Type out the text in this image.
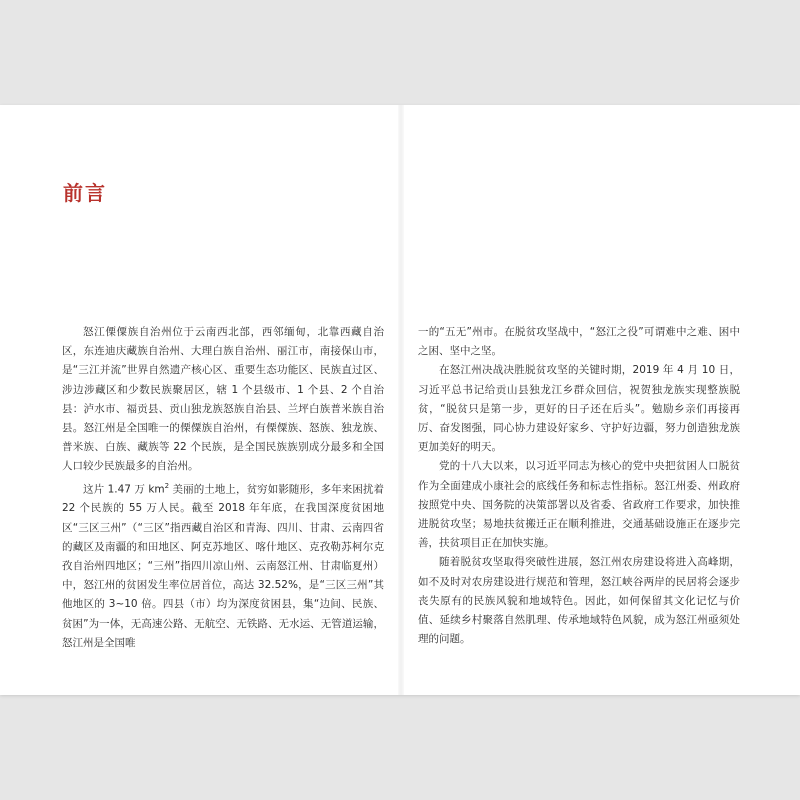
前言

怒江傈僳族自治州位于云南西北部，西邻缅甸，北靠西藏自治区，东连迪庆藏族自治州、大理白族自治州、丽江市，南接保山市，是“三江并流”世界自然遗产核心区、重要生态功能区、民族直过区、涉边涉藏区和少数民族聚居区，辖 1 个县级市、1 个县、2 个自治县：泸水市、福贡县、贡山独龙族怒族自治县、兰坪白族普米族自治县。怒江州是全国唯一的傈僳族自治州，有傈僳族、怒族、独龙族、普米族、白族、藏族等 22 个民族，是全国民族族别成分最多和全国人口较少民族最多的自治州。

这片 1.47 万 $km^2$ 美丽的土地上，贫穷如影随形，多年来困扰着 22 个民族的 55 万人民。截至 2018 年年底，在我国深度贫困地区“三区三州”（“三区”指西藏自治区和青海、四川、甘肃、云南四省的藏区及南疆的和田地区、阿克苏地区、喀什地区、克孜勒苏柯尔克孜自治州四地区；“三州”指四川凉山州、云南怒江州、甘肃临夏州）中，怒江州的贫困发生率位居首位，高达 32.52%，是“三区三州”其他地区的 3~10 倍。四县（市）均为深度贫困县，集“边间、民族、贫困”为一体，无高速公路、无航空、无铁路、无水运、无管道运输，怒江州是全国唯

一的“五无”州市。在脱贫攻坚战中，“怒江之役”可谓难中之难、困中之困、坚中之坚。

在怒江州决战决胜脱贫攻坚的关键时期，2019 年 4 月 10 日，习近平总书记给贡山县独龙江乡群众回信，祝贺独龙族实现整族脱贫，“脱贫只是第一步，更好的日子还在后头”。勉励乡亲们再接再厉、奋发图强，同心协力建设好家乡、守护好边疆，努力创造独龙族更加美好的明天。

党的十八大以来，以习近平同志为核心的党中央把贫困人口脱贫作为全面建成小康社会的底线任务和标志性指标。怒江州委、州政府按照党中央、国务院的决策部署以及省委、省政府工作要求，加快推进脱贫攻坚；易地扶贫搬迁正在顺利推进，交通基础设施正在逐步完善，扶贫项目正在加快实施。

随着脱贫攻坚取得突破性进展，怒江州农房建设将进入高峰期，如不及时对农房建设进行规范和管理，怒江峡谷两岸的民居将会逐步丧失原有的民族风貌和地域特色。因此，如何保留其文化记忆与价值、延续乡村聚落自然肌理、传承地域特色风貌，成为怒江州亟须处理的问题。
